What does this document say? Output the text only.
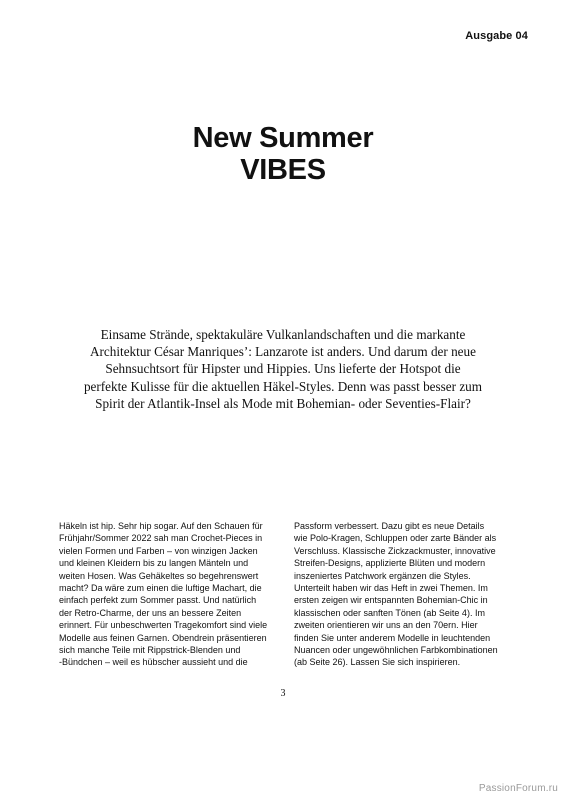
Ausgabe 04
New Summer
VIBES
Einsame Strände, spektakuläre Vulkanlandschaften und die markante
Architektur César Manriques’: Lanzarote ist anders. Und darum der neue
Sehnsuchtsort für Hipster und Hippies. Uns lieferte der Hotspot die
perfekte Kulisse für die aktuellen Häkel-Styles. Denn was passt besser zum
Spirit der Atlantik-Insel als Mode mit Bohemian- oder Seventies-Flair?
Häkeln ist hip. Sehr hip sogar. Auf den Schauen für
Frühjahr/Sommer 2022 sah man Crochet-Pieces in
vielen Formen und Farben – von winzigen Jacken
und kleinen Kleidern bis zu langen Mänteln und
weiten Hosen. Was Gehäkeltes so begehrenswert
macht? Da wäre zum einen die luftige Machart, die
einfach perfekt zum Sommer passt. Und natürlich
der Retro-Charme, der uns an bessere Zeiten
erinnert. Für unbeschwerten Tragekomfort sind viele
Modelle aus feinen Garnen. Obendrein präsentieren
sich manche Teile mit Rippstrick-Blenden und
-Bündchen – weil es hübscher aussieht und die
Passform verbessert. Dazu gibt es neue Details
wie Polo-Kragen, Schluppen oder zarte Bänder als
Verschluss. Klassische Zickzackmuster, innovative
Streifen-Designs, applizierte Blüten und modern
inszeniertes Patchwork ergänzen die Styles.
Unterteilt haben wir das Heft in zwei Themen. Im
ersten zeigen wir entspannten Bohemian-Chic in
klassischen oder sanften Tönen (ab Seite 4). Im
zweiten orientieren wir uns an den 70ern. Hier
finden Sie unter anderem Modelle in leuchtenden
Nuancen oder ungewöhnlichen Farbkombinationen
(ab Seite 26). Lassen Sie sich inspirieren.
3
PassionForum.ru
